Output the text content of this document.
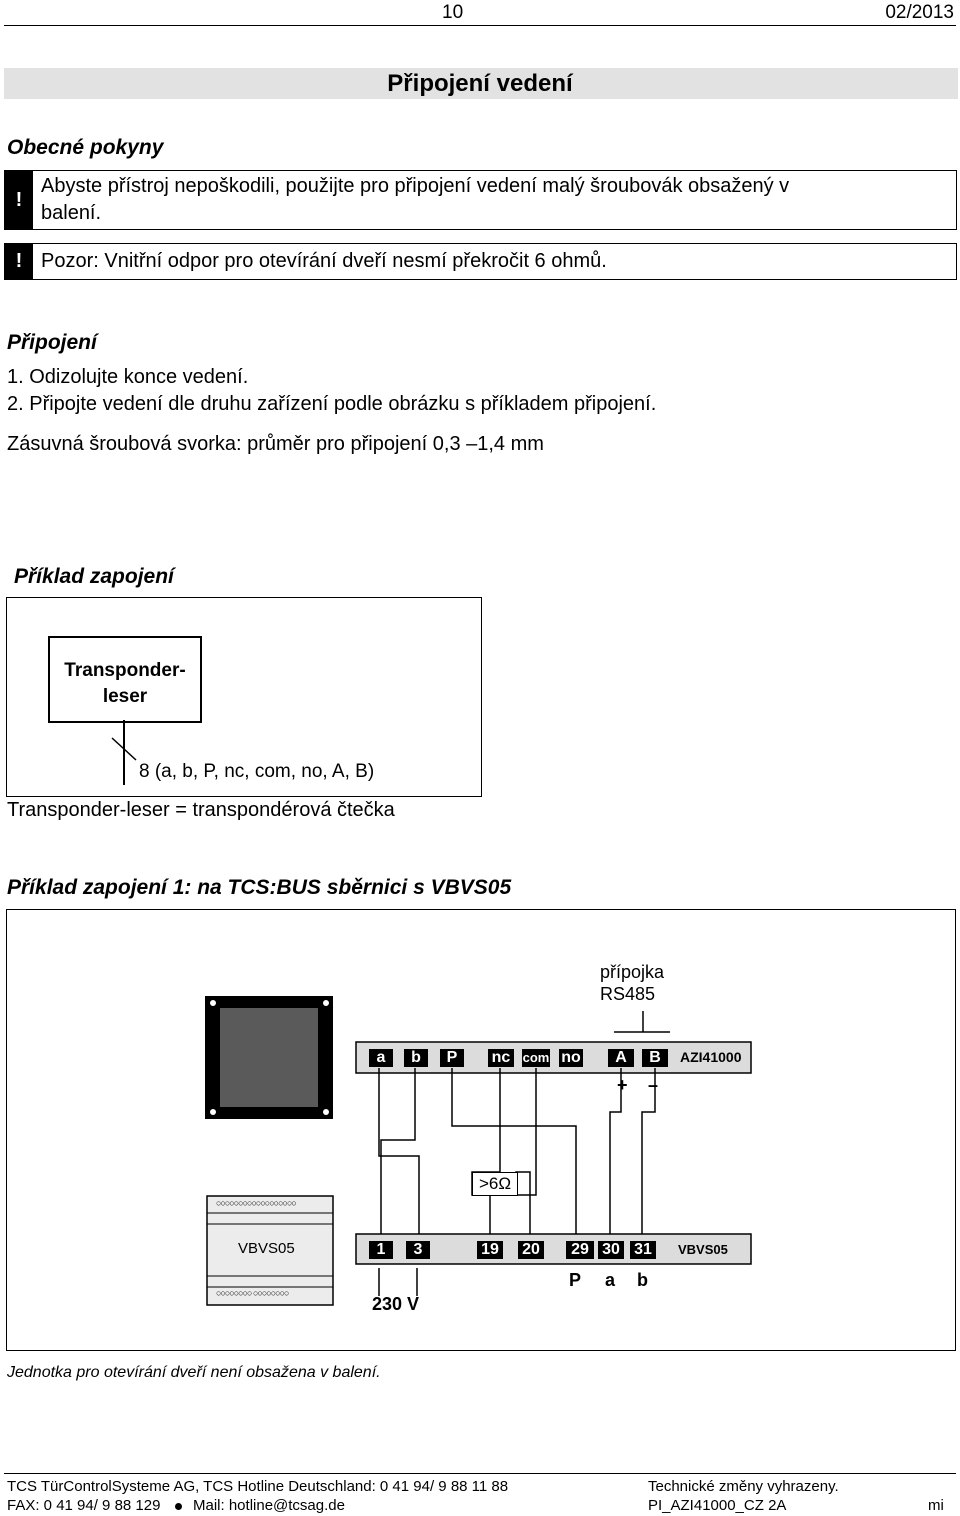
10	02/2013
Připojení vedení
Obecné pokyny
!
Abyste přístroj nepoškodili, použijte pro připojení vedení malý šroubovák obsažený v
balení.
! Pozor: Vnitřní odpor pro otevírání dveří nesmí překročit 6 ohmů.
Připojení
1. Odizolujte konce vedení.
2. Připojte vedení dle druhu zařízení podle obrázku s příkladem připojení.
Zásuvná šroubová svorka: průměr pro připojení 0,3 –1,4 mm
Příklad zapojení
Transponder-
leser
8 (a, b, P, nc, com, no, A, B)
Transponder-leser = transpondérová čtečka
Příklad zapojení 1: na TCS:BUS sběrnici s VBVS05
○○○○○○○○○○○○○○○○○○
○○○○○○○○ ○○○○○○○○
VBVS05
přípojka
RS485
a	b	P	nc com no	A	B	AZI41000
+ –
>6Ω
1	3	19 20	29 30 31	VBVS05
P a b
230 V
Jednotka pro otevírání dveří není obsažena v balení.
TCS TürControlSysteme AG, TCS Hotline Deutschland: 0 41 94/ 9 88 11 88	Technické změny vyhrazeny.
FAX: 0 41 94/ 9 88 129 Mail: hotline@tcsag.de	PI_AZI41000_CZ 2A	mi
